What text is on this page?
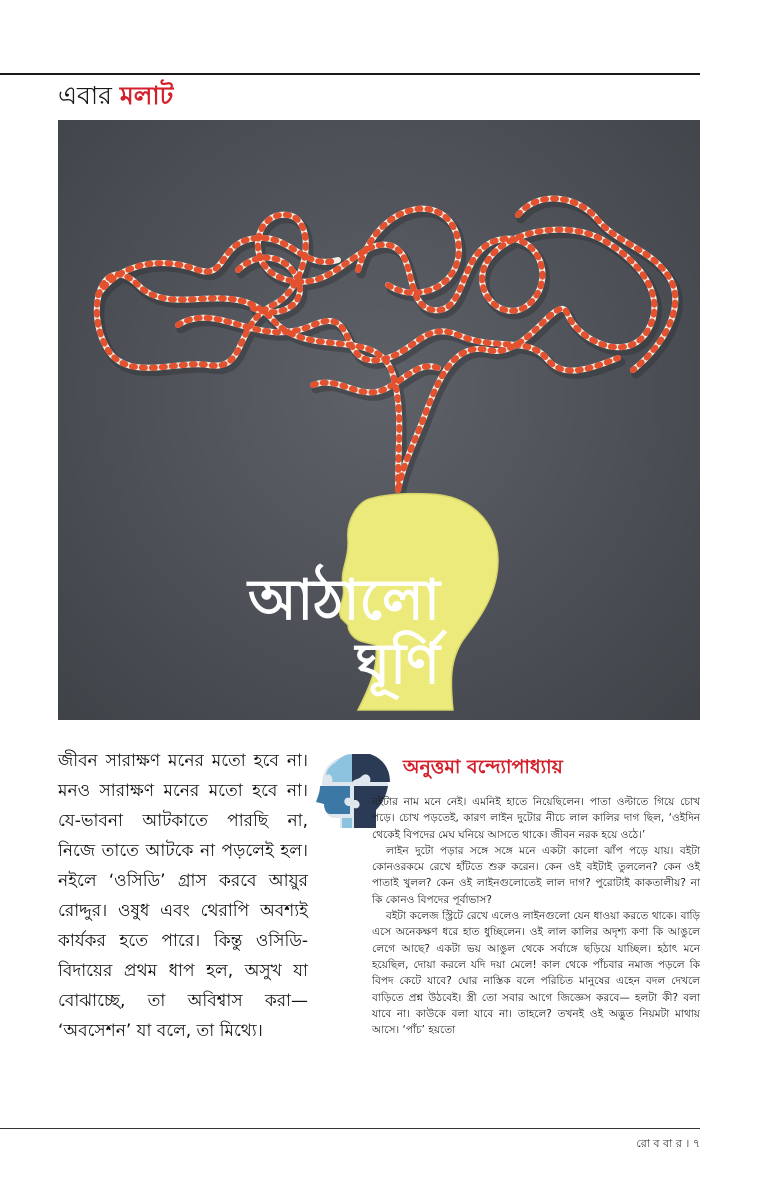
এবার মলাট
আঠালো
ঘূর্ণি

জীবন সারাক্ষণ মনের মতো হবে না। মনও সারাক্ষণ মনের মতো হবে না। যে-ভাবনা আটকাতে পারছি না, নিজে তাতে আটকে না পড়লেই হল। নইলে ‘ওসিডি’ গ্রাস করবে আয়ুর রোদ্দুর। ওষুধ এবং থেরাপি অবশ্যই কার্যকর হতে পারে। কিন্তু ওসিডি-বিদায়ের প্রথম ধাপ হল, অসুখ যা বোঝাচ্ছে, তা অবিশ্বাস করা— ‘অবসেশন’ যা বলে, তা মিথ্যে।

অনুত্তমা বন্দ্যোপাধ্যায়

বইটার নাম মনে নেই। এমনিই হাতে নিয়েছিলেন। পাতা ওল্টাতে গিয়ে চোখ পড়ে। চোখ পড়তেই, কারণ লাইন দুটোর নীচে লাল কালির দাগ ছিল, ‘ওইদিন থেকেই বিপদের মেঘ ঘনিয়ে আসতে থাকে। জীবন নরক হয়ে ওঠে।’

লাইন দুটো পড়ার সঙ্গে সঙ্গে মনে একটা কালো ঝাঁপ পড়ে যায়। বইটা কোনওরকমে রেখে হাঁটতে শুরু করেন। কেন ওই বইটাই তুললেন? কেন ওই পাতাই খুলল? কেন ওই লাইনগুলোতেই লাল দাগ? পুরোটাই কাকতালীয়? না কি কোনও বিপদের পূর্বাভাস?

বইটা কলেজ স্ট্রিটে রেখে এলেও লাইনগুলো যেন ধাওয়া করতে থাকে। বাড়ি এসে অনেকক্ষণ ধরে হাত ধুচ্ছিলেন। ওই লাল কালির অদৃশ্য কণা কি আঙুলে লেগে আছে? একটা ভয় আঙুল থেকে সর্বাঙ্গে ছড়িয়ে যাচ্ছিল। হঠাৎ মনে হয়েছিল, দোয়া করলে যদি দয়া মেলে! কাল থেকে পাঁচবার নমাজ পড়লে কি বিপদ কেটে যাবে? ঘোর নাস্তিক বলে পরিচিত মানুষের এহেন বদল দেখলে বাড়িতে প্রশ্ন উঠবেই। স্ত্রী তো সবার আগে জিজ্ঞেস করবে— হলটা কী? বলা যাবে না। কাউকে বলা যাবে না। তাহলে? তখনই ওই অদ্ভুত নিয়মটা মাথায় আসে। ‘পাঁচ’ হয়তো

রো ব বা র । ৭
